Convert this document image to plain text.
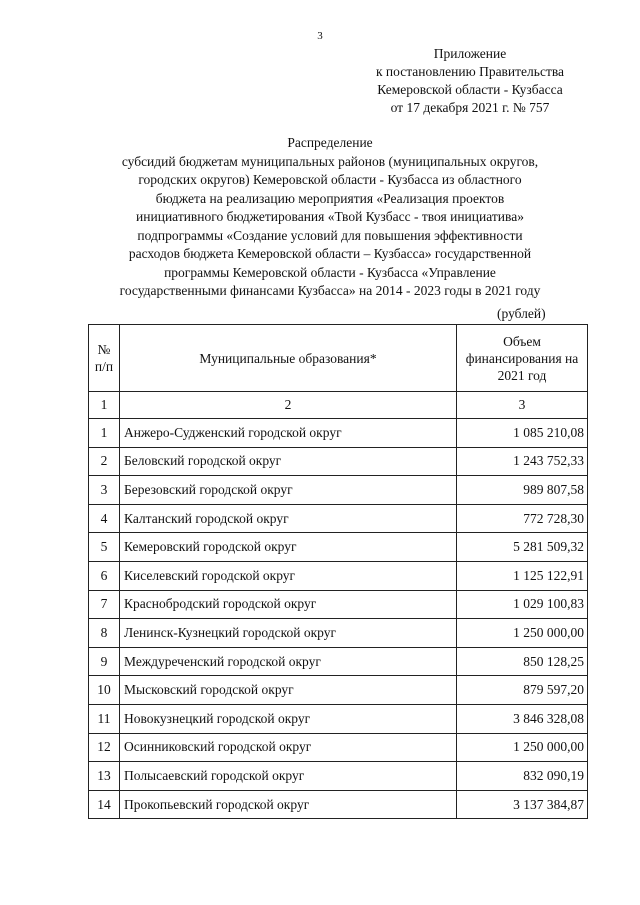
3
Приложение
к постановлению Правительства
Кемеровской области - Кузбасса
от 17 декабря 2021 г. № 757
Распределение
субсидий бюджетам муниципальных районов (муниципальных округов,
городских округов) Кемеровской области - Кузбасса из областного
бюджета на реализацию мероприятия «Реализация проектов
инициативного бюджетирования «Твой Кузбасс - твоя инициатива»
подпрограммы «Создание условий для повышения эффективности
расходов бюджета Кемеровской области – Кузбасса» государственной
программы Кемеровской области - Кузбасса «Управление
государственными финансами Кузбасса» на 2014 - 2023 годы в 2021 году
(рублей)
№ п/п	Муниципальные образования*	Объем финансирования на 2021 год
1	2	3
1	Анжеро-Судженский городской округ	1 085 210,08
2	Беловский городской округ	1 243 752,33
3	Березовский городской округ	989 807,58
4	Калтанский городской округ	772 728,30
5	Кемеровский городской округ	5 281 509,32
6	Киселевский городской округ	1 125 122,91
7	Краснобродский городской округ	1 029 100,83
8	Ленинск-Кузнецкий городской округ	1 250 000,00
9	Междуреченский городской округ	850 128,25
10	Мысковский городской округ	879 597,20
11	Новокузнецкий городской округ	3 846 328,08
12	Осинниковский городской округ	1 250 000,00
13	Полысаевский городской округ	832 090,19
14	Прокопьевский городской округ	3 137 384,87
